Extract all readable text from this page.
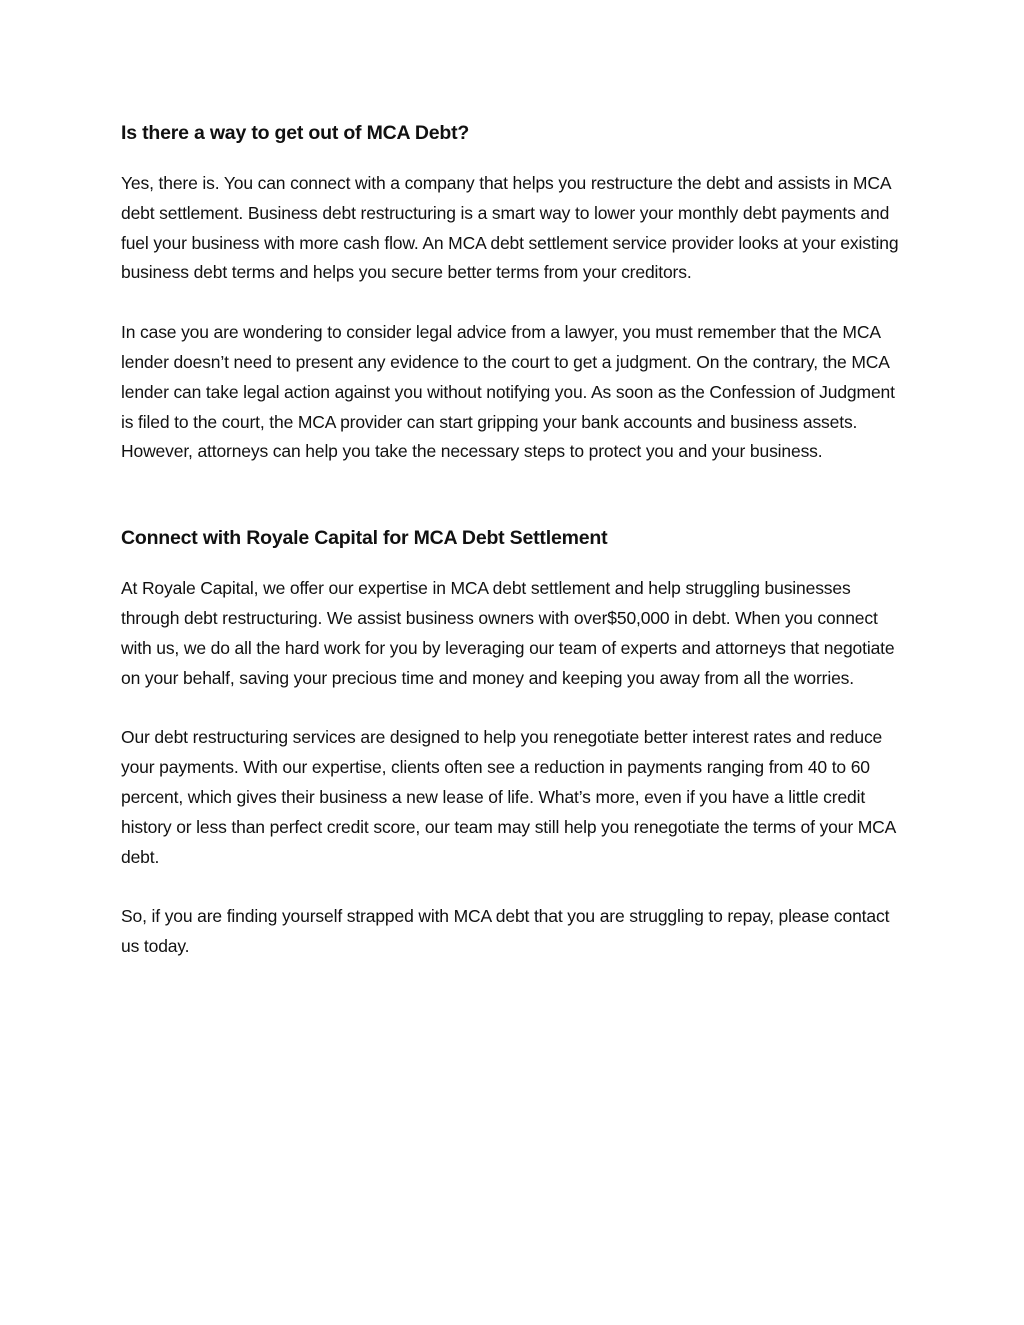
Is there a way to get out of MCA Debt?

Yes, there is. You can connect with a company that helps you restructure the debt and assists in MCA debt settlement. Business debt restructuring is a smart way to lower your monthly debt payments and fuel your business with more cash flow. An MCA debt settlement service provider looks at your existing business debt terms and helps you secure better terms from your creditors.

In case you are wondering to consider legal advice from a lawyer, you must remember that the MCA lender doesn’t need to present any evidence to the court to get a judgment. On the contrary, the MCA lender can take legal action against you without notifying you. As soon as the Confession of Judgment is filed to the court, the MCA provider can start gripping your bank accounts and business assets. However, attorneys can help you take the necessary steps to protect you and your business.

Connect with Royale Capital for MCA Debt Settlement

At Royale Capital, we offer our expertise in MCA debt settlement and help struggling businesses through debt restructuring. We assist business owners with over$50,000 in debt. When you connect with us, we do all the hard work for you by leveraging our team of experts and attorneys that negotiate on your behalf, saving your precious time and money and keeping you away from all the worries.

Our debt restructuring services are designed to help you renegotiate better interest rates and reduce your payments. With our expertise, clients often see a reduction in payments ranging from 40 to 60 percent, which gives their business a new lease of life. What’s more, even if you have a little credit history or less than perfect credit score, our team may still help you renegotiate the terms of your MCA debt.

So, if you are finding yourself strapped with MCA debt that you are struggling to repay, please contact us today.
